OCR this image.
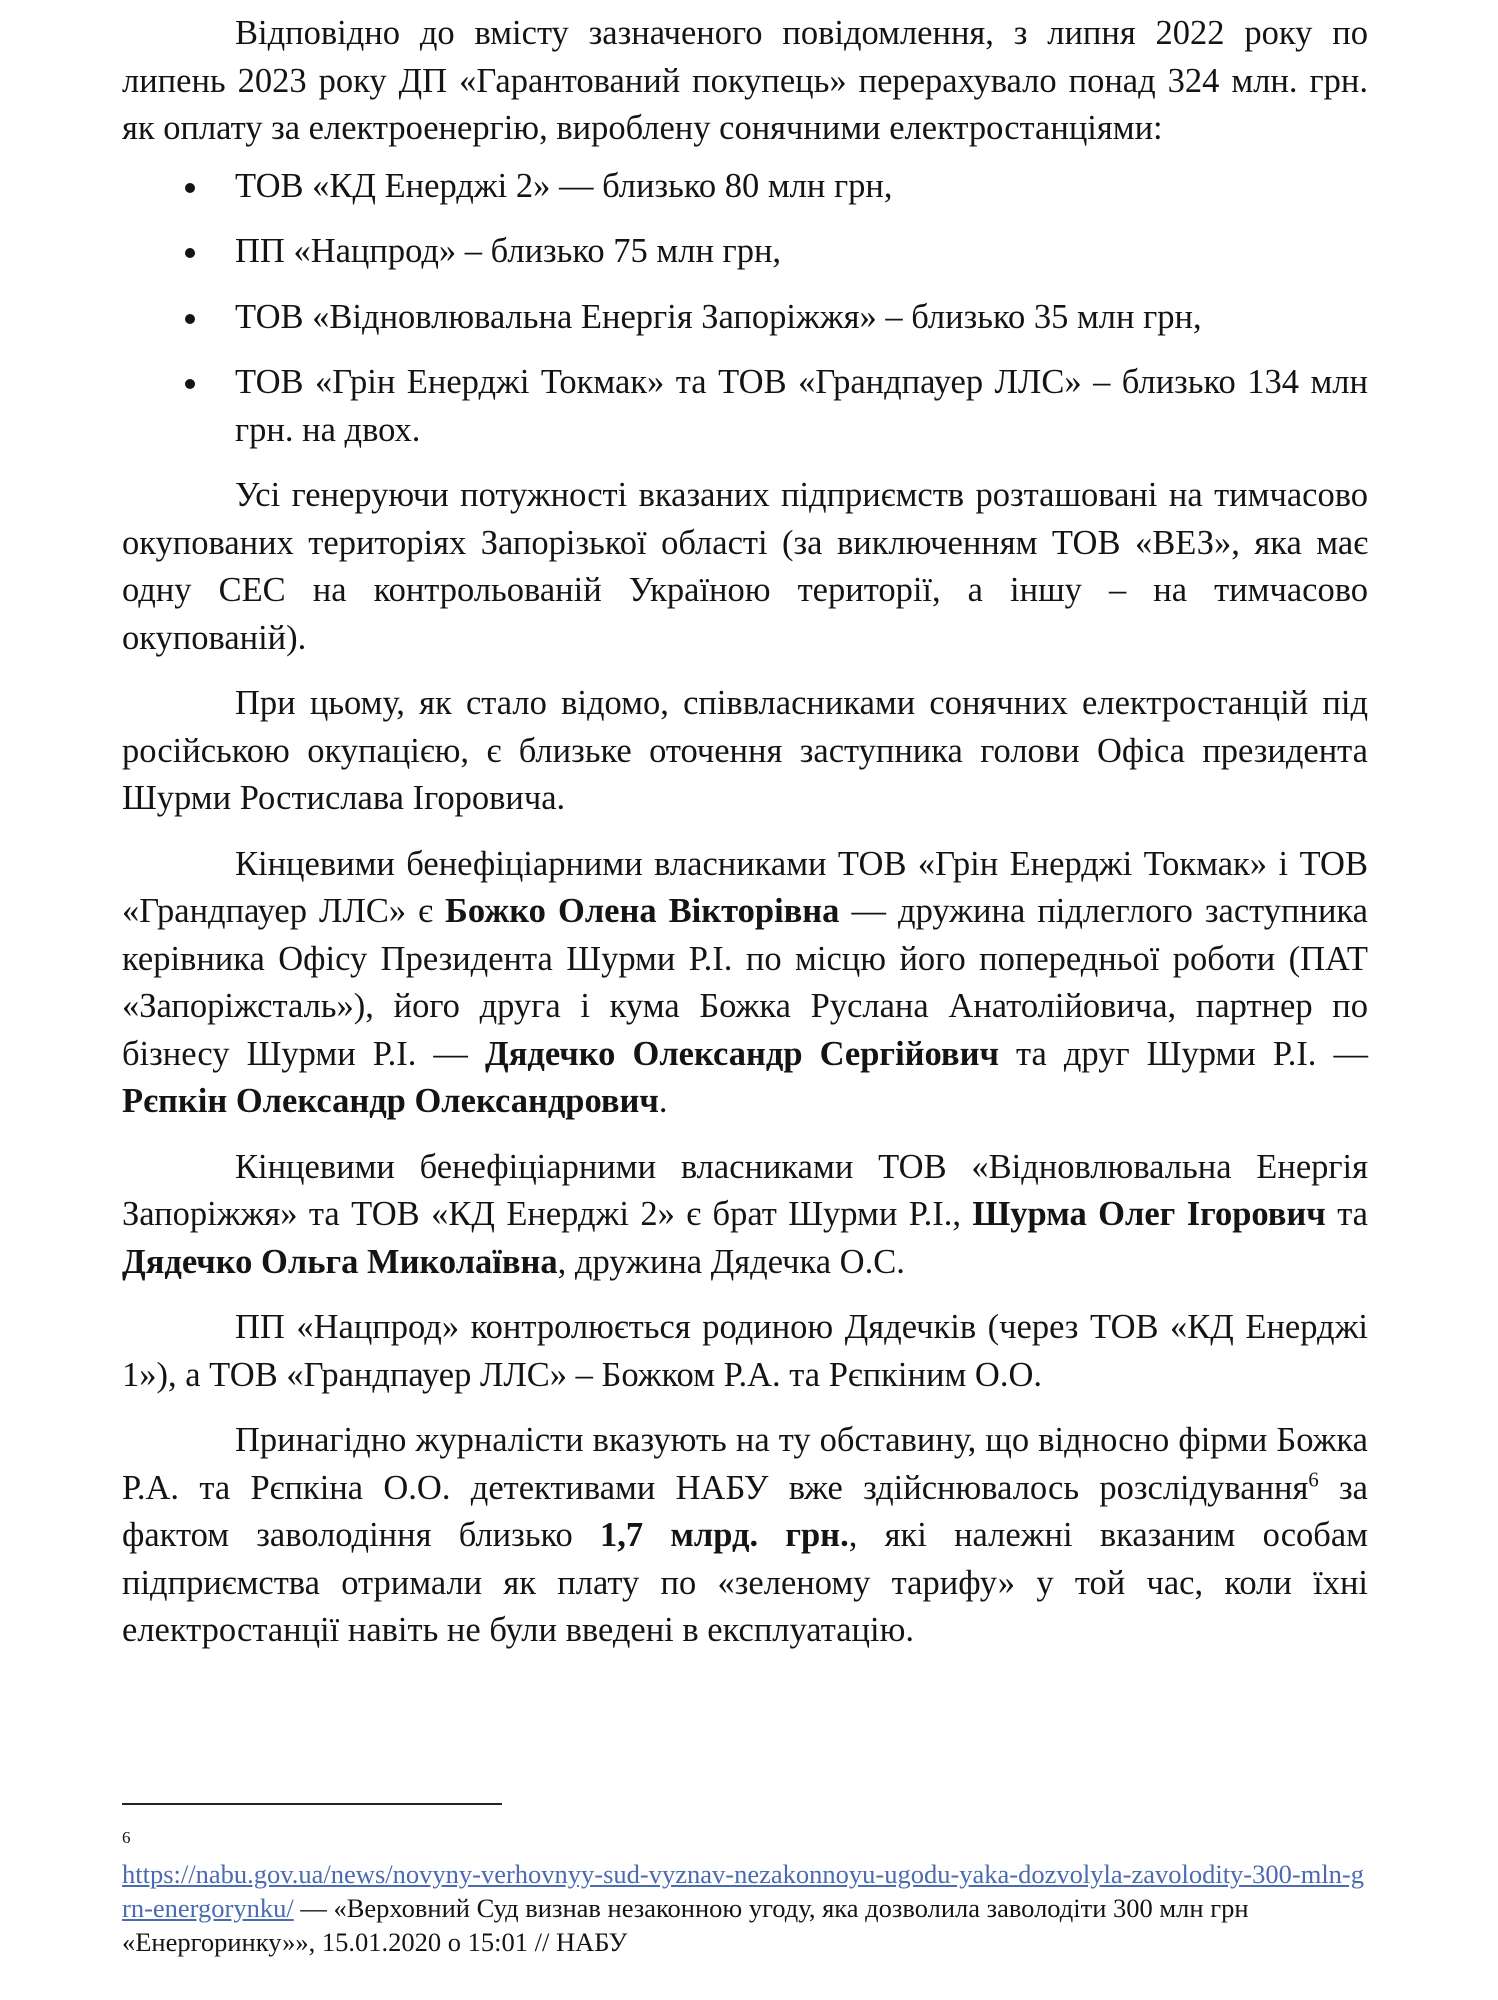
Відповідно до вмісту зазначеного повідомлення, з липня 2022 року по липень 2023 року ДП «Гарантований покупець» перерахувало понад 324 млн. грн. як оплату за електроенергію, вироблену сонячними електростанціями:

ТОВ «КД Енерджі 2» — близько 80 млн грн,
ПП «Нацпрод» – близько 75 млн грн,
ТОВ «Відновлювальна Енергія Запоріжжя» – близько 35 млн грн,
ТОВ «Грін Енерджі Токмак» та ТОВ «Грандпауер ЛЛС» – близько 134 млн грн. на двох.

Усі генеруючи потужності вказаних підприємств розташовані на тимчасово окупованих територіях Запорізької області (за виключенням ТОВ «ВЕЗ», яка має одну СЕС на контрольованій Україною території, а іншу – на тимчасово окупованій).

При цьому, як стало відомо, співвласниками сонячних електростанцій під російською окупацією, є близьке оточення заступника голови Офіса президента Шурми Ростислава Ігоровича.

Кінцевими бенефіціарними власниками ТОВ «Грін Енерджі Токмак» і ТОВ «Грандпауер ЛЛС» є Божко Олена Вікторівна — дружина підлеглого заступника керівника Офісу Президента Шурми Р.І. по місцю його попередньої роботи (ПАТ «Запоріжсталь»), його друга і кума Божка Руслана Анатолійовича, партнер по бізнесу Шурми Р.І. — Дядечко Олександр Сергійович та друг Шурми Р.І. — Рєпкін Олександр Олександрович.

Кінцевими бенефіціарними власниками ТОВ «Відновлювальна Енергія Запоріжжя» та ТОВ «КД Енерджі 2» є брат Шурми Р.І., Шурма Олег Ігорович та Дядечко Ольга Миколаївна, дружина Дядечка О.С.

ПП «Нацпрод» контролюється родиною Дядечків (через ТОВ «КД Енерджі 1»), а ТОВ «Грандпауер ЛЛС» – Божком Р.А. та Рєпкіним О.О.

Принагідно журналісти вказують на ту обставину, що відносно фірми Божка Р.А. та Рєпкіна О.О. детективами НАБУ вже здійснювалось розслідування$^6$ за фактом заволодіння близько 1,7 млрд. грн., які належні вказаним особам підприємства отримали як плату по «зеленому тарифу» у той час, коли їхні електростанції навіть не були введені в експлуатацію.

6
https://nabu.gov.ua/news/novyny-verhovnyy-sud-vyznav-nezakonnoyu-ugodu-yaka-dozvolyla-zavolodity-300-mln-grn-energorynku/ — «Верховний Суд визнав незаконною угоду, яка дозволила заволодіти 300 млн грн «Енергоринку»», 15.01.2020 о 15:01 // НАБУ
